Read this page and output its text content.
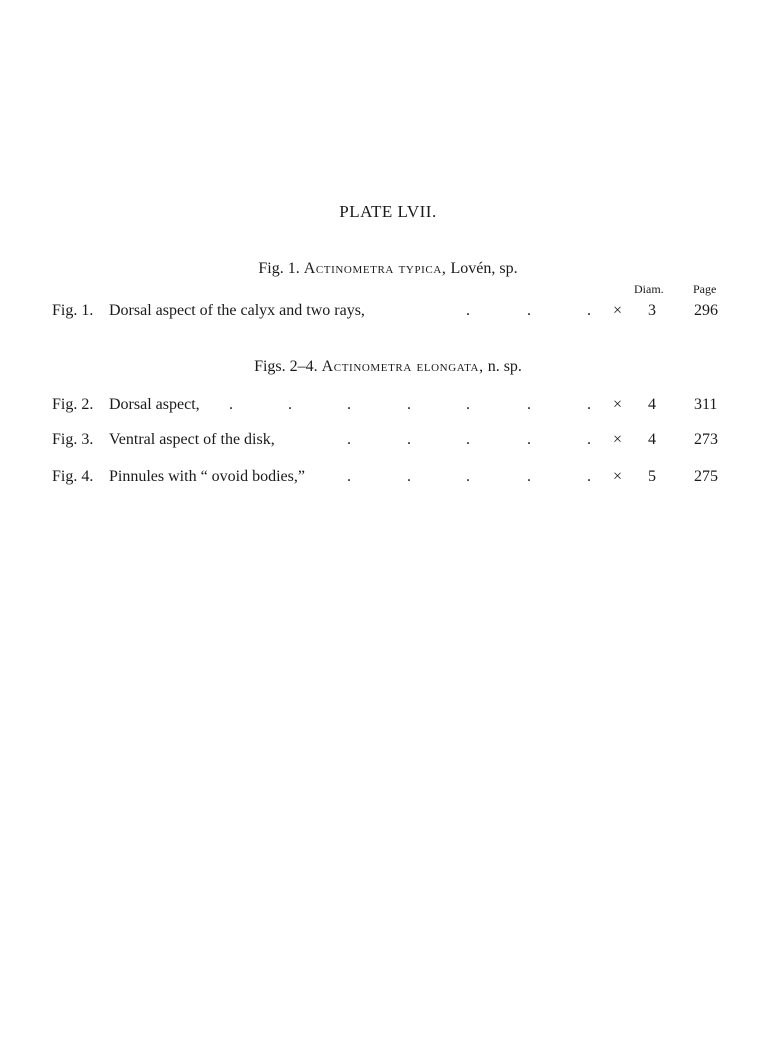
PLATE LVII.
Fig. 1. Actinometra typica, Lovén, sp.
Diam. Page
Fig. 1. Dorsal aspect of the calyx and two rays,	.	.	. × 3 296
Figs. 2–4. Actinometra elongata, n. sp.
Fig. 2. Dorsal aspect, .	.	.	.	.	.	. × 4 311
Fig. 3. Ventral aspect of the disk,	.	.	.	.	. × 4 273
Fig. 4. Pinnules with “ ovoid bodies,”	.	.	.	.	. × 5 275
